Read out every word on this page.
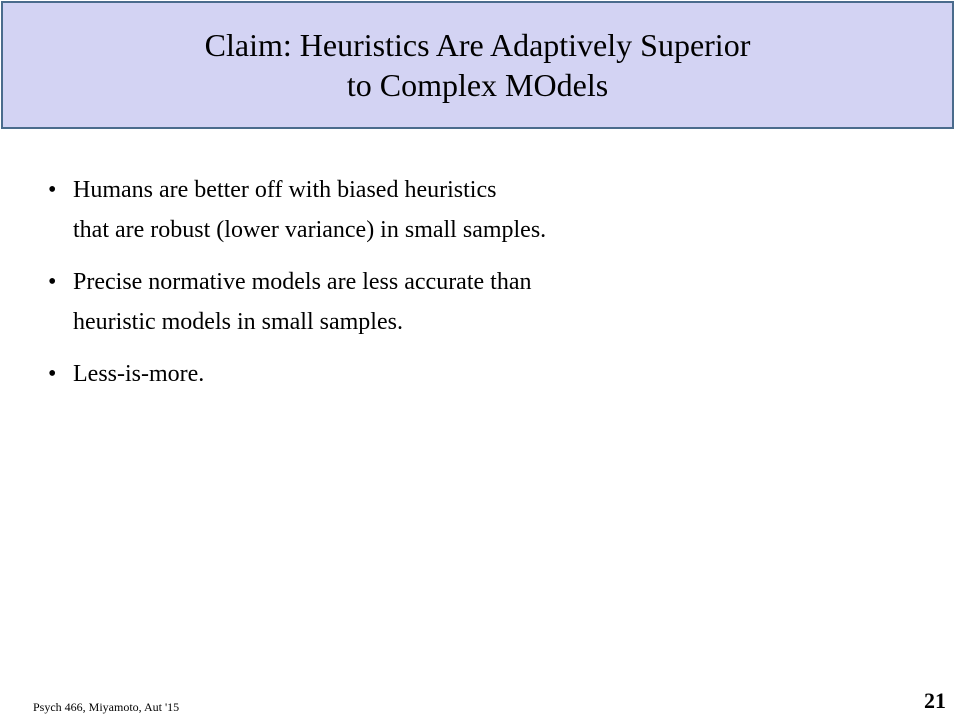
Claim: Heuristics Are Adaptively Superior
to Complex MOdels
• Humans are better off with biased heuristics
that are robust (lower variance) in small samples.
• Precise normative models are less accurate than
heuristic models in small samples.
• Less-is-more.
Psych 466, Miyamoto, Aut '15	21
